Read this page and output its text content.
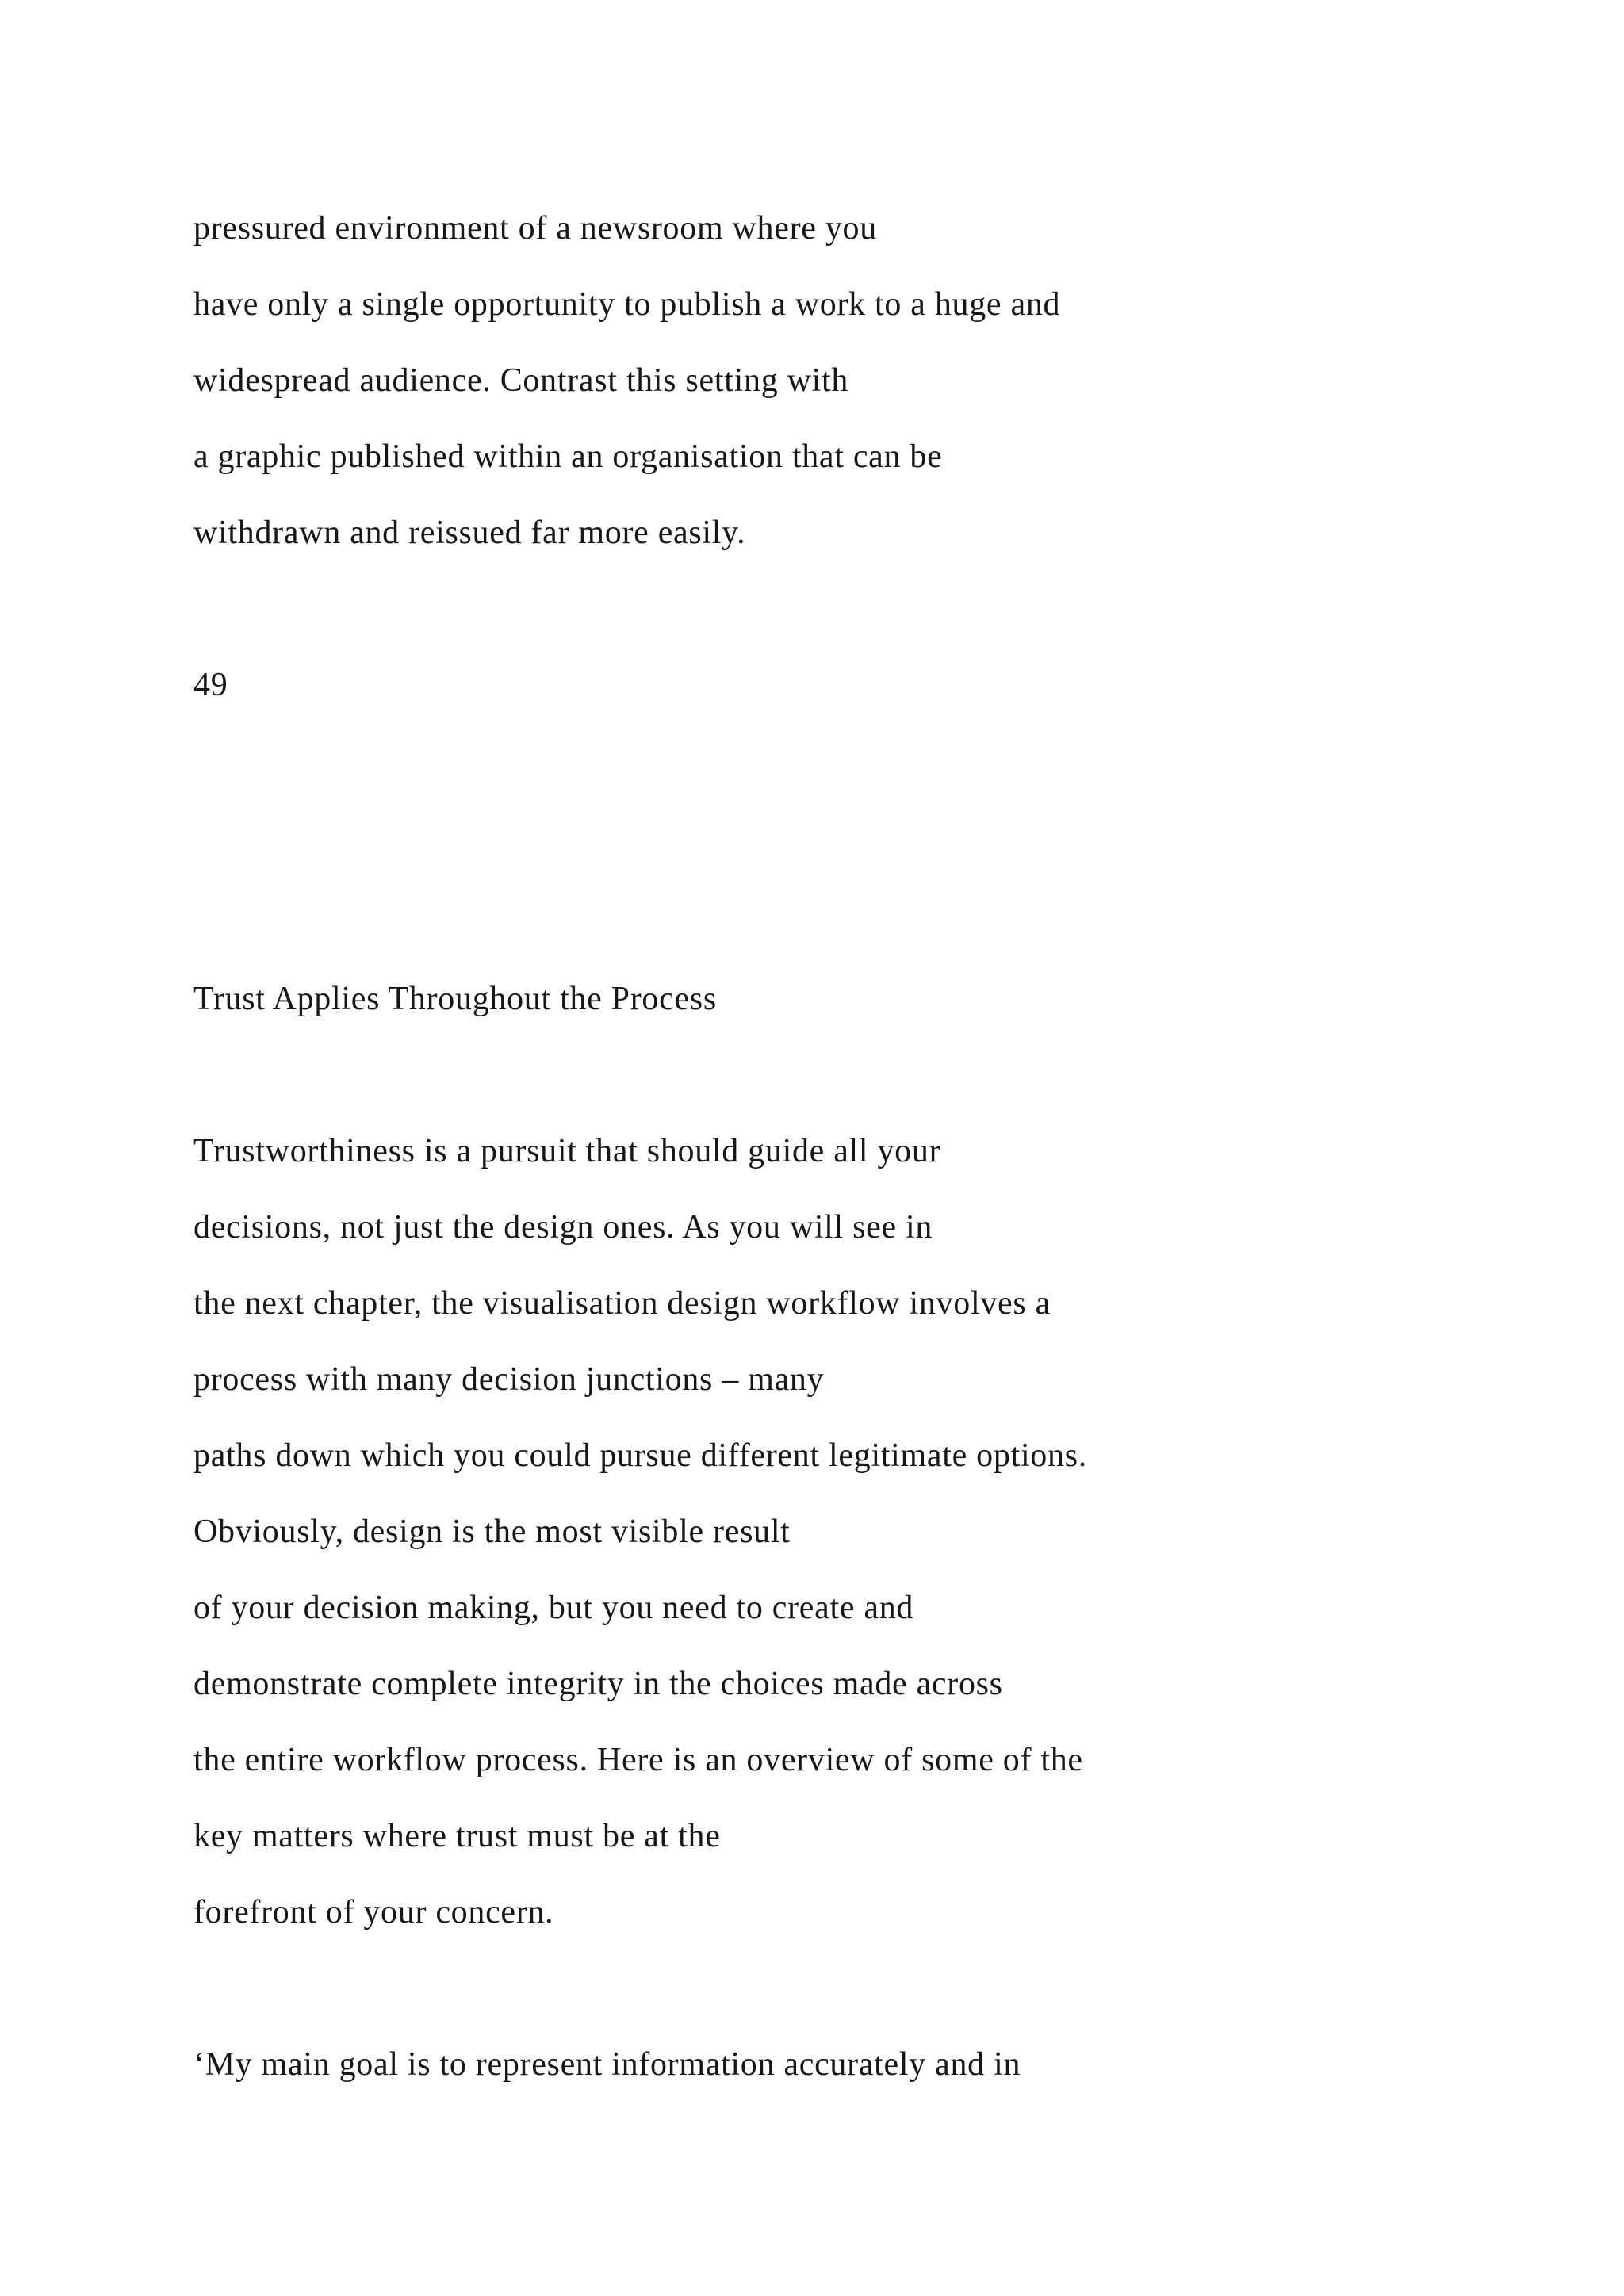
pressured environment of a newsroom where you
have only a single opportunity to publish a work to a huge and
widespread audience. Contrast this setting with
a graphic published within an organisation that can be
withdrawn and reissued far more easily.
49
Trust Applies Throughout the Process
Trustworthiness is a pursuit that should guide all your
decisions, not just the design ones. As you will see in
the next chapter, the visualisation design workflow involves a
process with many decision junctions – many
paths down which you could pursue different legitimate options.
Obviously, design is the most visible result
of your decision making, but you need to create and
demonstrate complete integrity in the choices made across
the entire workflow process. Here is an overview of some of the
key matters where trust must be at the
forefront of your concern.
‘My main goal is to represent information accurately and in
